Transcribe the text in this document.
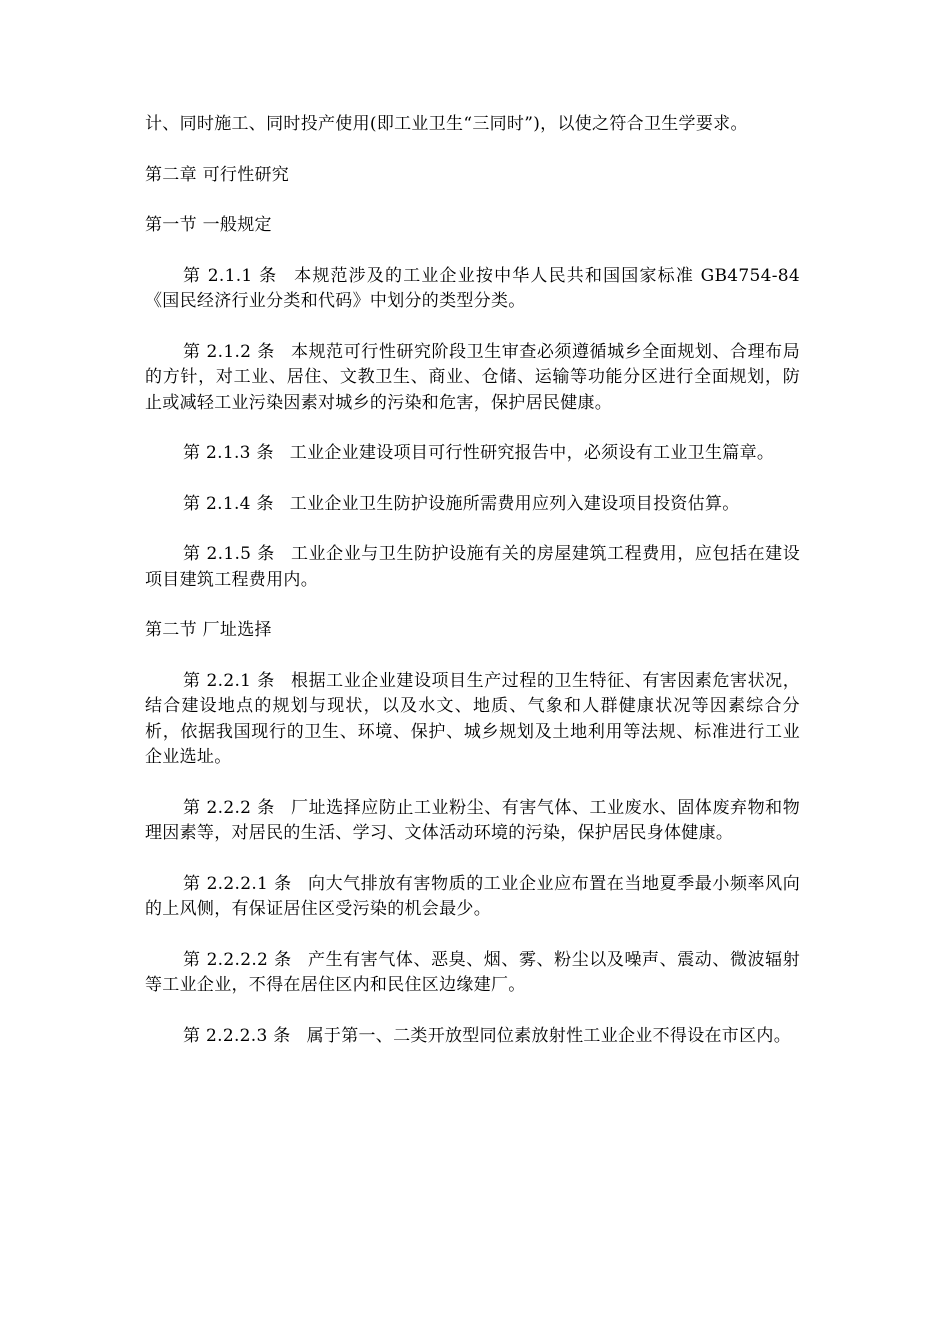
计、同时施工、同时投产使用(即工业卫生“三同时”)，以使之符合卫生学要求。

第二章 可行性研究

第一节 一般规定

第 2.1.1 条 本规范涉及的工业企业按中华人民共和国国家标准 GB4754-84《国民经济行业分类和代码》中划分的类型分类。

第 2.1.2 条 本规范可行性研究阶段卫生审查必须遵循城乡全面规划、合理布局的方针，对工业、居住、文教卫生、商业、仓储、运输等功能分区进行全面规划，防止或减轻工业污染因素对城乡的污染和危害，保护居民健康。

第 2.1.3 条 工业企业建设项目可行性研究报告中，必须设有工业卫生篇章。

第 2.1.4 条 工业企业卫生防护设施所需费用应列入建设项目投资估算。

第 2.1.5 条 工业企业与卫生防护设施有关的房屋建筑工程费用，应包括在建设项目建筑工程费用内。

第二节 厂址选择

第 2.2.1 条 根据工业企业建设项目生产过程的卫生特征、有害因素危害状况，结合建设地点的规划与现状，以及水文、地质、气象和人群健康状况等因素综合分析，依据我国现行的卫生、环境、保护、城乡规划及土地利用等法规、标准进行工业企业选址。

第 2.2.2 条 厂址选择应防止工业粉尘、有害气体、工业废水、固体废弃物和物理因素等，对居民的生活、学习、文体活动环境的污染，保护居民身体健康。

第 2.2.2.1 条 向大气排放有害物质的工业企业应布置在当地夏季最小频率风向的上风侧，有保证居住区受污染的机会最少。

第 2.2.2.2 条 产生有害气体、恶臭、烟、雾、粉尘以及噪声、震动、微波辐射等工业企业，不得在居住区内和民住区边缘建厂。

第 2.2.2.3 条 属于第一、二类开放型同位素放射性工业企业不得设在市区内。
